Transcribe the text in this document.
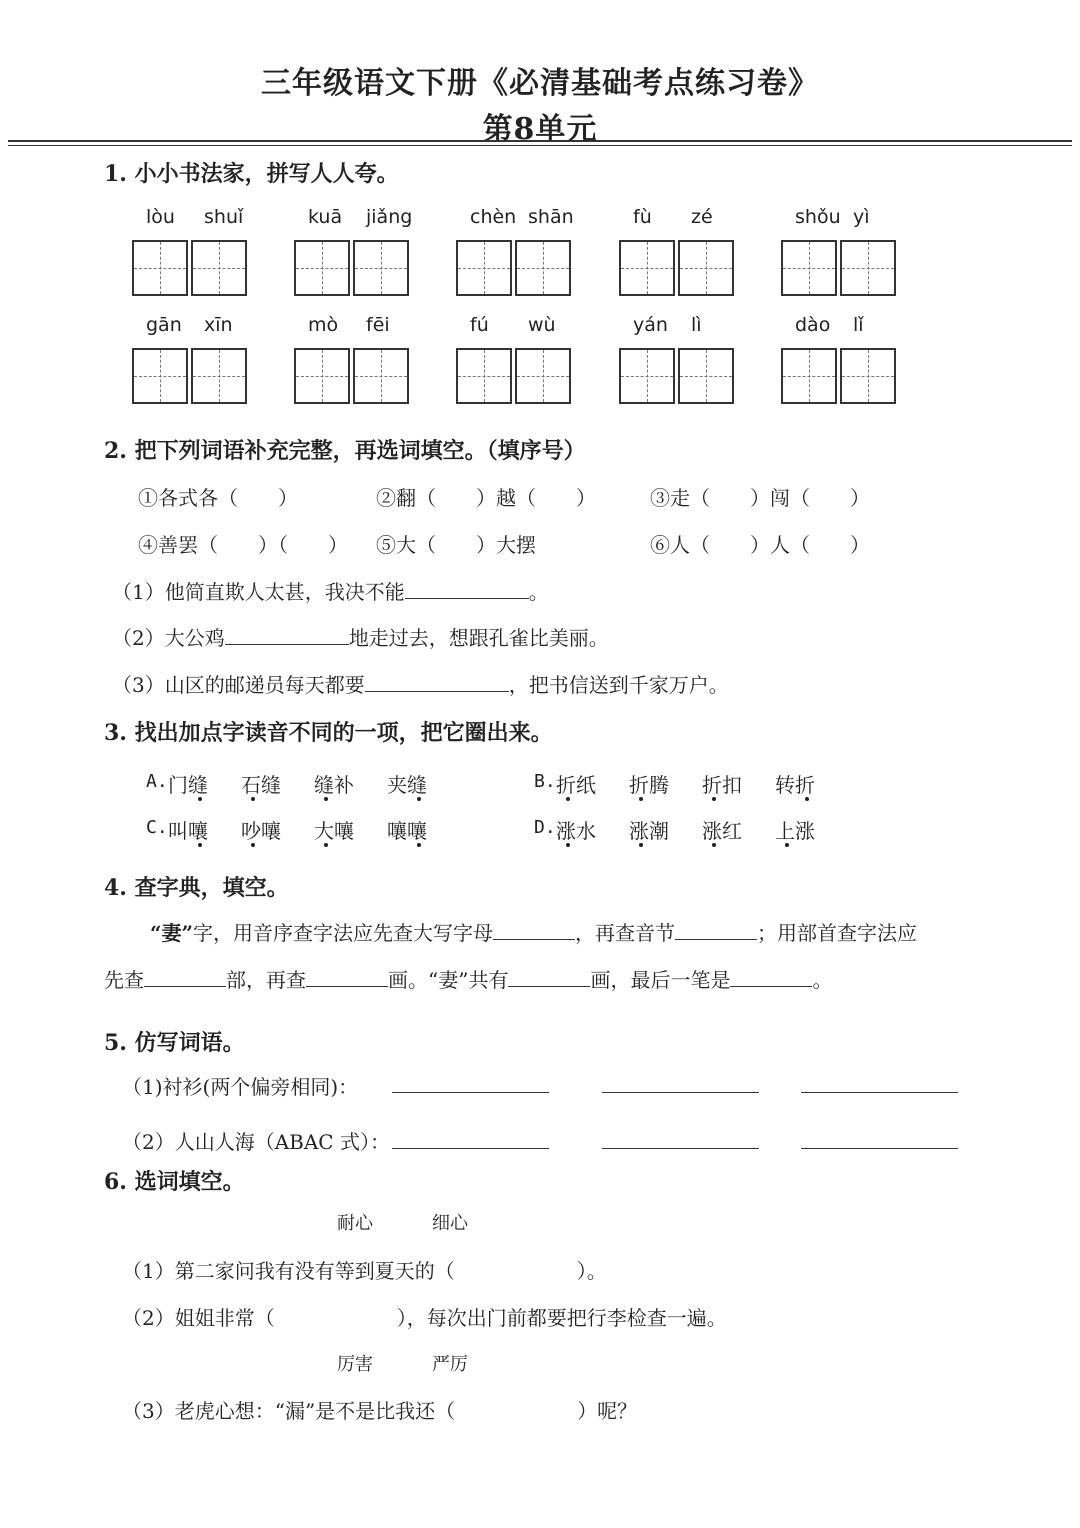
三年级语文下册《必清基础考点练习卷》
第8单元
1. 小小书法家，拼写人人夸。
lòu shuǐ	kuā jiǎng	chèn shān	fù zé	shǒu yì
gān xīn	mò fēi	fú wù	yán lì	dào lǐ
2. 把下列词语补充完整，再选词填空。（填序号）
①各式各（　　）	②翻（　　）越（　　）	③走（　　）闯（　　）
④善罢（　　）（　　） ⑤大（　　）大摆	⑥人（　　）人（　　）
（1）他简直欺人太甚，我决不能	。
（2）大公鸡	地走过去，想跟孔雀比美丽。
（3）山区的邮递员每天都要	，把书信送到千家万户。
3. 找出加点字读音不同的一项，把它圈出来。
A. 门缝 石缝 缝补 夹缝	B. 折纸 折腾 折扣 转折
C. 叫嚷 吵嚷 大嚷 嚷嚷	D. 涨水 涨潮 涨红 上涨
4. 查字典，填空。
“妻”字，用音序查字法应先查大写字母	，再查音节	；用部首查字法应
先查	部，再查	画。“妻”共有	画，最后一笔是	。
5. 仿写词语。
（1)衬衫(两个偏旁相同)：
（2）人山人海（ABAC 式）：
6. 选词填空。
耐心	细心
（1）第二家问我有没有等到夏天的（	）。
（2）姐姐非常（	），每次出门前都要把行李检查一遍。
厉害	严厉
（3）老虎心想：“漏”是不是比我还（	）呢？
